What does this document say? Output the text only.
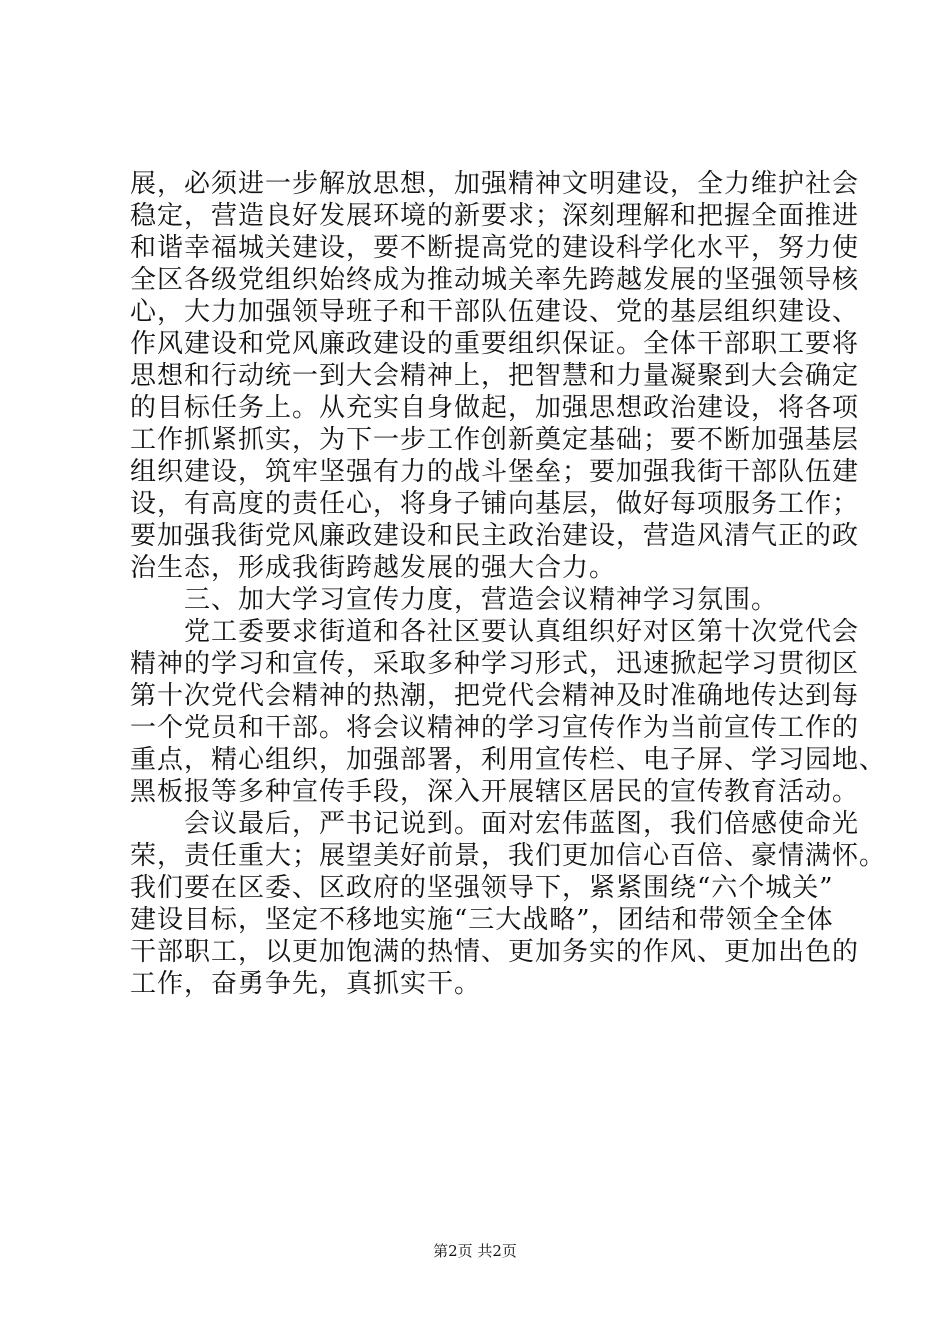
展，必须进一步解放思想，加强精神文明建设，全力维护社会
稳定，营造良好发展环境的新要求；深刻理解和把握全面推进
和谐幸福城关建设，要不断提高党的建设科学化水平，努力使
全区各级党组织始终成为推动城关率先跨越发展的坚强领导核
心，大力加强领导班子和干部队伍建设、党的基层组织建设、
作风建设和党风廉政建设的重要组织保证。全体干部职工要将
思想和行动统一到大会精神上，把智慧和力量凝聚到大会确定
的目标任务上。从充实自身做起，加强思想政治建设，将各项
工作抓紧抓实，为下一步工作创新奠定基础；要不断加强基层
组织建设，筑牢坚强有力的战斗堡垒；要加强我街干部队伍建
设，有高度的责任心，将身子铺向基层，做好每项服务工作；
要加强我街党风廉政建设和民主政治建设，营造风清气正的政
治生态，形成我街跨越发展的强大合力。
　　三、加大学习宣传力度，营造会议精神学习氛围。
　　党工委要求街道和各社区要认真组织好对区第十次党代会
精神的学习和宣传，采取多种学习形式，迅速掀起学习贯彻区
第十次党代会精神的热潮，把党代会精神及时准确地传达到每
一个党员和干部。将会议精神的学习宣传作为当前宣传工作的
重点，精心组织，加强部署，利用宣传栏、电子屏、学习园地、
黑板报等多种宣传手段，深入开展辖区居民的宣传教育活动。
　　会议最后，严书记说到。面对宏伟蓝图，我们倍感使命光
荣，责任重大；展望美好前景，我们更加信心百倍、豪情满怀。
我们要在区委、区政府的坚强领导下，紧紧围绕“六个城关”
建设目标，坚定不移地实施“三大战略”，团结和带领全全体
干部职工，以更加饱满的热情、更加务实的作风、更加出色的
工作，奋勇争先，真抓实干。
第2页 共2页
